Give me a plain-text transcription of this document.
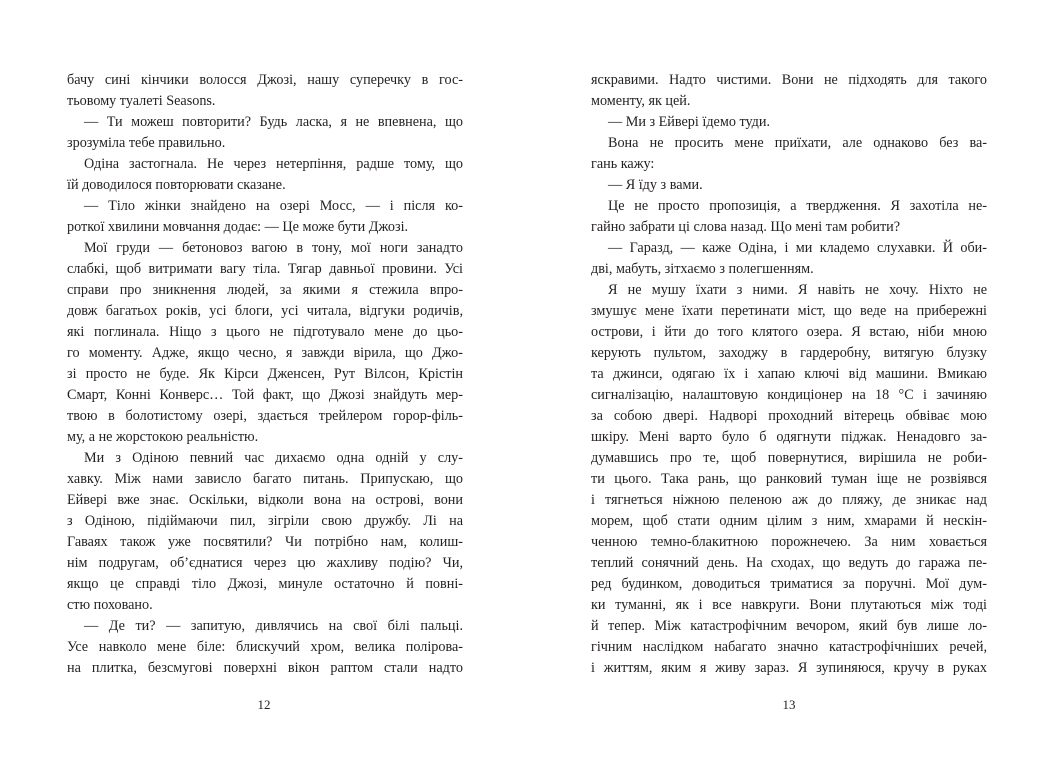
бачу сині кінчики волосся Джозі, нашу суперечку в гос-
тьовому туалеті Seasons.
— Ти можеш повторити? Будь ласка, я не впевнена, що
зрозуміла тебе правильно.
Одіна застогнала. Не через нетерпіння, радше тому, що
їй доводилося повторювати сказане.
— Тіло жінки знайдено на озері Мосс, — і після ко-
роткої хвилини мовчання додає: — Це може бути Джозі.
Мої груди — бетоновоз вагою в тону, мої ноги занадто
слабкі, щоб витримати вагу тіла. Тягар давньої провини. Усі
справи про зникнення людей, за якими я стежила впро-
довж багатьох років, усі блоги, усі читала, відгуки родичів,
які поглинала. Ніщо з цього не підготувало мене до цьо-
го моменту. Адже, якщо чесно, я завжди вірила, що Джо-
зі просто не буде. Як Кірси Дженсен, Рут Вілсон, Крістін
Смарт, Конні Конверс… Той факт, що Джозі знайдуть мер-
твою в болотистому озері, здається трейлером горор-філь-
му, а не жорстокою реальністю.
Ми з Одіною певний час дихаємо одна одній у слу-
хавку. Між нами зависло багато питань. Припускаю, що
Ейвері вже знає. Оскільки, відколи вона на острові, вони
з Одіною, підіймаючи пил, зігріли свою дружбу. Лі на
Гаваях також уже посвятили? Чи потрібно нам, колиш-
нім подругам, об’єднатися через цю жахливу подію? Чи,
якщо це справді тіло Джозі, минуле остаточно й повні-
стю поховано.
— Де ти? — запитую, дивлячись на свої білі пальці.
Усе навколо мене біле: блискучий хром, велика полірова-
на плитка, безсмугові поверхні вікон раптом стали надто
яскравими. Надто чистими. Вони не підходять для такого
моменту, як цей.
— Ми з Ейвері їдемо туди.
Вона не просить мене приїхати, але однаково без ва-
гань кажу:
— Я їду з вами.
Це не просто пропозиція, а твердження. Я захотіла не-
гайно забрати ці слова назад. Що мені там робити?
— Гаразд, — каже Одіна, і ми кладемо слухавки. Й оби-
дві, мабуть, зітхаємо з полегшенням.
Я не мушу їхати з ними. Я навіть не хочу. Ніхто не
змушує мене їхати перетинати міст, що веде на прибережні
острови, і йти до того клятого озера. Я встаю, ніби мною
керують пультом, заходжу в гардеробну, витягую блузку
та джинси, одягаю їх і хапаю ключі від машини. Вмикаю
сигналізацію, налаштовую кондиціонер на 18 °С і зачиняю
за собою двері. Надворі проходний вітерець обвіває мою
шкіру. Мені варто було б одягнути піджак. Ненадовго за-
думавшись про те, щоб повернутися, вирішила не роби-
ти цього. Така рань, що ранковий туман іще не розвіявся
і тягнеться ніжною пеленою аж до пляжу, де зникає над
морем, щоб стати одним цілим з ним, хмарами й нескін-
ченною темно-блакитною порожнечею. За ним ховається
теплий сонячний день. На сходах, що ведуть до гаража пе-
ред будинком, доводиться триматися за поручні. Мої дум-
ки туманні, як і все навкруги. Вони плутаються між тоді
й тепер. Між катастрофічним вечором, який був лише ло-
гічним наслідком набагато значно катастрофічніших речей,
і життям, яким я живу зараз. Я зупиняюся, кручу в руках
12	13
